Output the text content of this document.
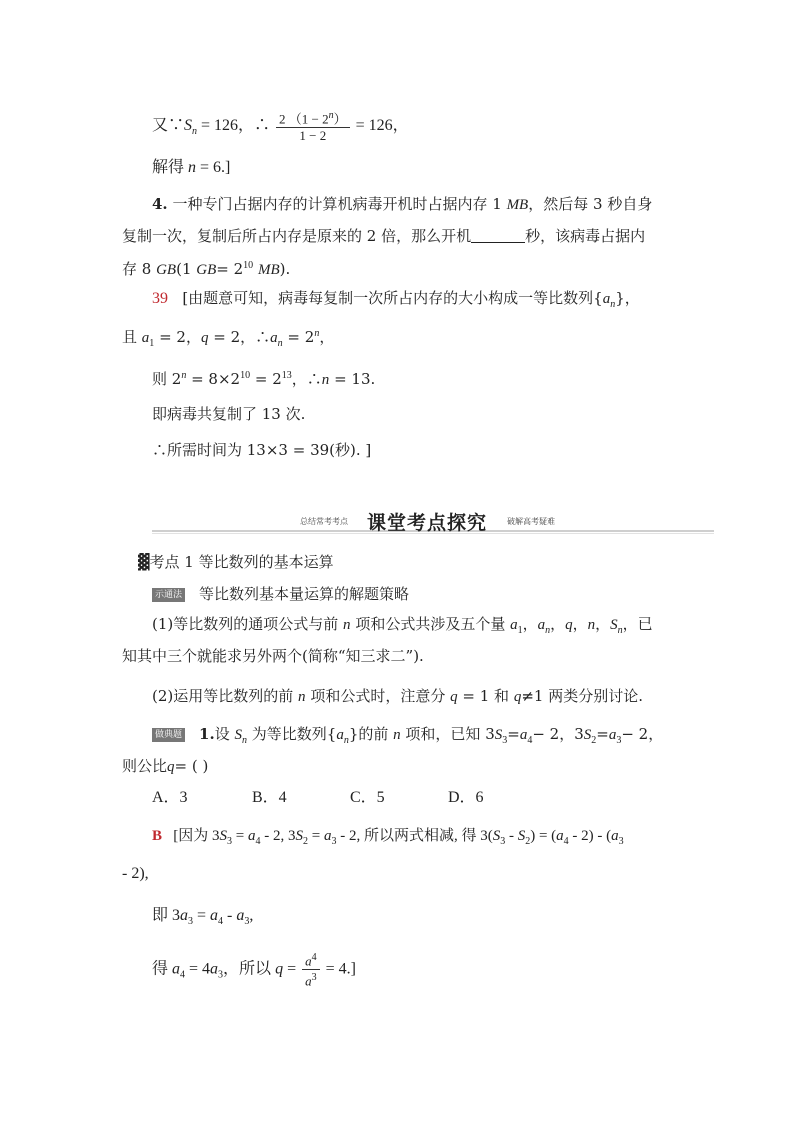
又$\because S_n = 126$，∴ $\frac{2 (1 - 2^n)}{1 - 2} = 126$，
解得 n = 6.]
4. 一种专门占据内存的计算机病毒开机时占据内存 1 MB，然后每 3 秒自身
复制一次，复制后所占内存是原来的 2 倍，那么开机	秒，该病毒占据内
存 8 GB(1 $GB= 2^{10}$ MB).
39 [由题意可知，病毒每复制一次所占内存的大小构成一等比数列$\{a_n\}$，
且 $a_1 = 2$，q = 2，$\therefore a_n = 2^n$，
则 $2^n = 8\times 2^{10} = 2^{13}$，∴n = 13.
即病毒共复制了 13 次.
∴所需时间为 13×3 = 39(秒). ]
总结常考考点 课堂考点探究 破解高考疑难
▓考点 1 等比数列的基本运算
示通法 等比数列基本量运算的解题策略
(1)等比数列的通项公式与前 n 项和公式共涉及五个量 $a_1$，$a_n$，q，n，$S_n$，已
知其中三个就能求另外两个(简称“知三求二”).
(2)运用等比数列的前 n 项和公式时，注意分 q = 1 和 q≠1 两类分别讨论.
做典题 1.设 $S_n$ 为等比数列$\{a_n\}$的前 n 项和，已知 $3S_3=a_4- 2$，$3S_2=a_3- 2$，
则公比q= ( )
A．3	B．4	C．5	D．6
B [因为 $3S_3 = a_4 - 2$, $3S_2 = a_3 - 2$, 所以两式相减, 得 $3(S_3 - S_2) = (a_4 - 2) - (a_3$
- 2),
即 $3a_3 = a_4 - a_3$,
得 $a_4 = 4a_3$，所以 $q = \frac{a^4}{a^3} = 4$.]
